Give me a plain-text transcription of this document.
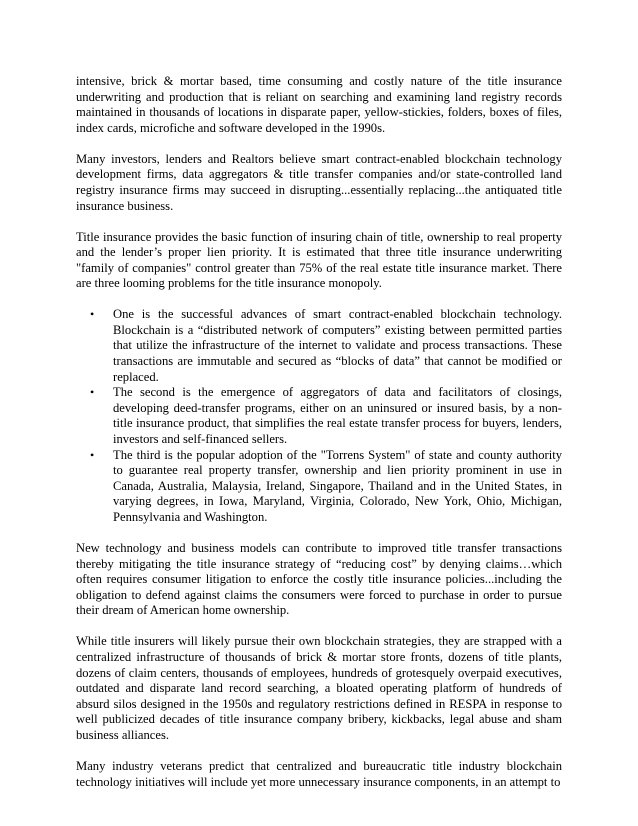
intensive, brick & mortar based, time consuming and costly nature of the title insurance underwriting and production that is reliant on searching and examining land registry records maintained in thousands of locations in disparate paper, yellow-stickies, folders, boxes of files, index cards, microfiche and software developed in the 1990s.

Many investors, lenders and Realtors believe smart contract-enabled blockchain technology development firms, data aggregators & title transfer companies and/or state-controlled land registry insurance firms may succeed in disrupting...essentially replacing...the antiquated title insurance business.

Title insurance provides the basic function of insuring chain of title, ownership to real property and the lender’s proper lien priority. It is estimated that three title insurance underwriting "family of companies" control greater than 75% of the real estate title insurance market. There are three looming problems for the title insurance monopoly.

• One is the successful advances of smart contract-enabled blockchain technology. Blockchain is a “distributed network of computers” existing between permitted parties that utilize the infrastructure of the internet to validate and process transactions. These transactions are immutable and secured as “blocks of data” that cannot be modified or replaced.
• The second is the emergence of aggregators of data and facilitators of closings, developing deed-transfer programs, either on an uninsured or insured basis, by a non-title insurance product, that simplifies the real estate transfer process for buyers, lenders, investors and self-financed sellers.
• The third is the popular adoption of the "Torrens System" of state and county authority to guarantee real property transfer, ownership and lien priority prominent in use in Canada, Australia, Malaysia, Ireland, Singapore, Thailand and in the United States, in varying degrees, in Iowa, Maryland, Virginia, Colorado, New York, Ohio, Michigan, Pennsylvania and Washington.

New technology and business models can contribute to improved title transfer transactions thereby mitigating the title insurance strategy of “reducing cost” by denying claims…which often requires consumer litigation to enforce the costly title insurance policies...including the obligation to defend against claims the consumers were forced to purchase in order to pursue their dream of American home ownership.

While title insurers will likely pursue their own blockchain strategies, they are strapped with a centralized infrastructure of thousands of brick & mortar store fronts, dozens of title plants, dozens of claim centers, thousands of employees, hundreds of grotesquely overpaid executives, outdated and disparate land record searching, a bloated operating platform of hundreds of absurd silos designed in the 1950s and regulatory restrictions defined in RESPA in response to well publicized decades of title insurance company bribery, kickbacks, legal abuse and sham business alliances.

Many industry veterans predict that centralized and bureaucratic title industry blockchain technology initiatives will include yet more unnecessary insurance components, in an attempt to
